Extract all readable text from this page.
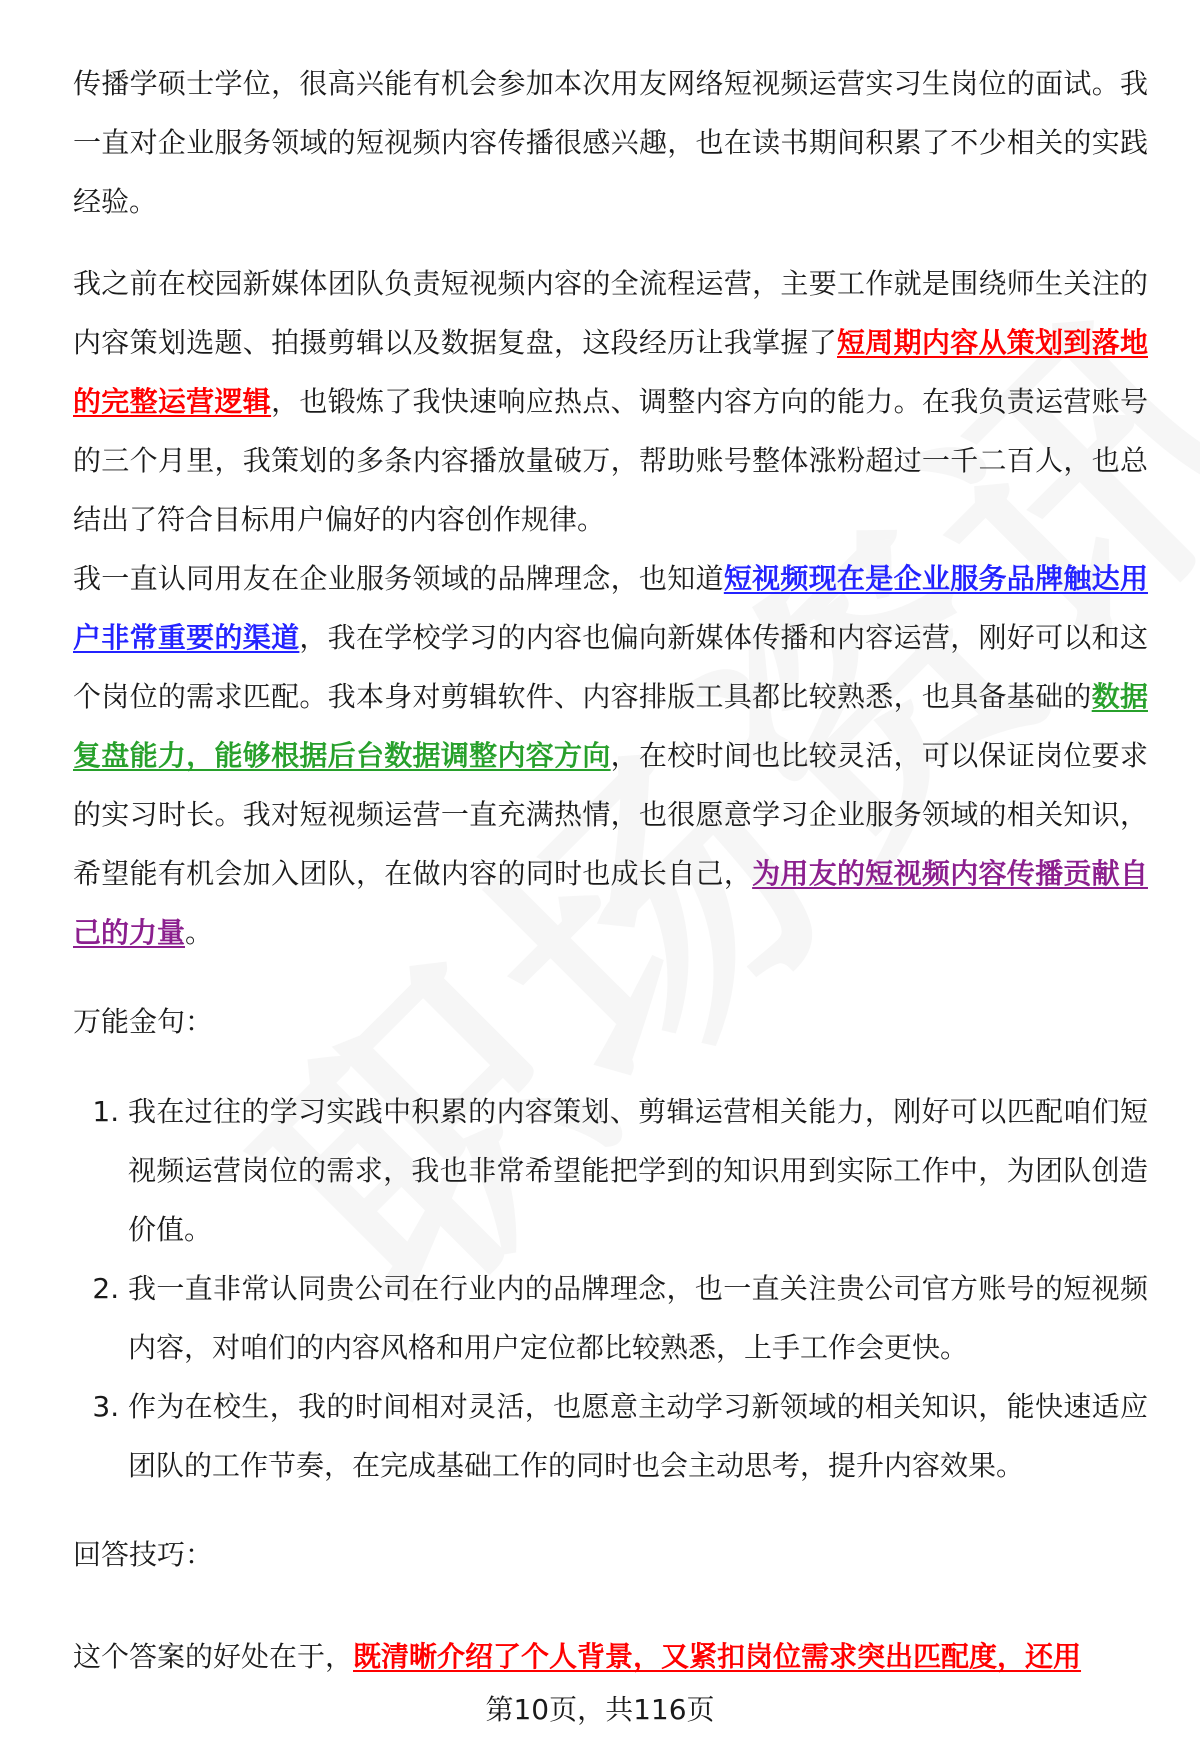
传播学硕士学位，很高兴能有机会参加本次用友网络短视频运营实习生岗位的面试。我一直对企业服务领域的短视频内容传播很感兴趣，也在读书期间积累了不少相关的实践经验。

我之前在校园新媒体团队负责短视频内容的全流程运营，主要工作就是围绕师生关注的内容策划选题、拍摄剪辑以及数据复盘，这段经历让我掌握了短周期内容从策划到落地的完整运营逻辑，也锻炼了我快速响应热点、调整内容方向的能力。在我负责运营账号的三个月里，我策划的多条内容播放量破万，帮助账号整体涨粉超过一千二百人，也总结出了符合目标用户偏好的内容创作规律。

我一直认同用友在企业服务领域的品牌理念，也知道短视频现在是企业服务品牌触达用户非常重要的渠道，我在学校学习的内容也偏向新媒体传播和内容运营，刚好可以和这个岗位的需求匹配。我本身对剪辑软件、内容排版工具都比较熟悉，也具备基础的数据复盘能力，能够根据后台数据调整内容方向，在校时间也比较灵活，可以保证岗位要求的实习时长。我对短视频运营一直充满热情，也很愿意学习企业服务领域的相关知识，希望能有机会加入团队，在做内容的同时也成长自己，为用友的短视频内容传播贡献自己的力量。

万能金句：

1. 我在过往的学习实践中积累的内容策划、剪辑运营相关能力，刚好可以匹配咱们短视频运营岗位的需求，我也非常希望能把学到的知识用到实际工作中，为团队创造价值。
2. 我一直非常认同贵公司在行业内的品牌理念，也一直关注贵公司官方账号的短视频内容，对咱们的内容风格和用户定位都比较熟悉，上手工作会更快。
3. 作为在校生，我的时间相对灵活，也愿意主动学习新领域的相关知识，能快速适应团队的工作节奏，在完成基础工作的同时也会主动思考，提升内容效果。

回答技巧：

这个答案的好处在于，既清晰介绍了个人背景，又紧扣岗位需求突出匹配度，还用

第10页，共116页
